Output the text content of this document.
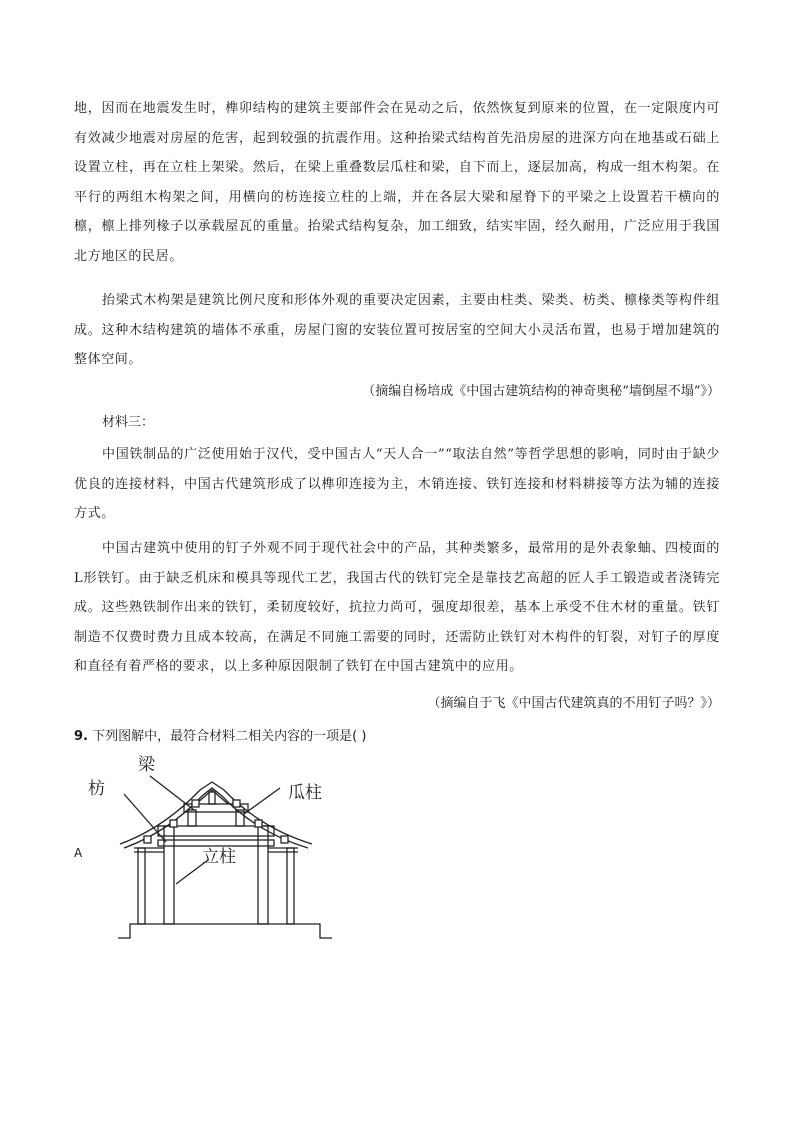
地，因而在地震发生时，榫卯结构的建筑主要部件会在晃动之后，依然恢复到原来的位置，在一定限度内可有效减少地震对房屋的危害，起到较强的抗震作用。这种抬梁式结构首先沿房屋的进深方向在地基或石础上设置立柱，再在立柱上架梁。然后，在梁上重叠数层瓜柱和梁，自下而上，逐层加高，构成一组木构架。在平行的两组木构架之间，用横向的枋连接立柱的上端，并在各层大梁和屋脊下的平梁之上设置若干横向的檩，檩上排列椽子以承载屋瓦的重量。抬梁式结构复杂，加工细致，结实牢固，经久耐用，广泛应用于我国北方地区的民居。

抬梁式木构架是建筑比例尺度和形体外观的重要决定因素，主要由柱类、梁类、枋类、檩椽类等构件组成。这种木结构建筑的墙体不承重，房屋门窗的安装位置可按居室的空间大小灵活布置，也易于增加建筑的整体空间。

（摘编自杨培成《中国古建筑结构的神奇奥秘“墙倒屋不塌”》）

材料三：

中国铁制品的广泛使用始于汉代，受中国古人“天人合一”“取法自然”等哲学思想的影响，同时由于缺少优良的连接材料，中国古代建筑形成了以榫卯连接为主，木销连接、铁钉连接和材料耕接等方法为辅的连接方式。

中国古建筑中使用的钉子外观不同于现代社会中的产品，其种类繁多，最常用的是外表象蚰、四棱面的L形铁钉。由于缺乏机床和模具等现代工艺，我国古代的铁钉完全是靠技艺高超的匠人手工锻造或者浇铸完成。这些熟铁制作出来的铁钉，柔韧度较好，抗拉力尚可，强度却很差，基本上承受不住木材的重量。铁钉制造不仅费时费力且成本较高，在满足不同施工需要的同时，还需防止铁钉对木构件的钉裂，对钉子的厚度和直径有着严格的要求，以上多种原因限制了铁钉在中国古建筑中的应用。

（摘编自于飞《中国古代建筑真的不用钉子吗？》）

9. 下列图解中，最符合材料二相关内容的一项是( )

A
梁
枋	瓜柱
立柱
